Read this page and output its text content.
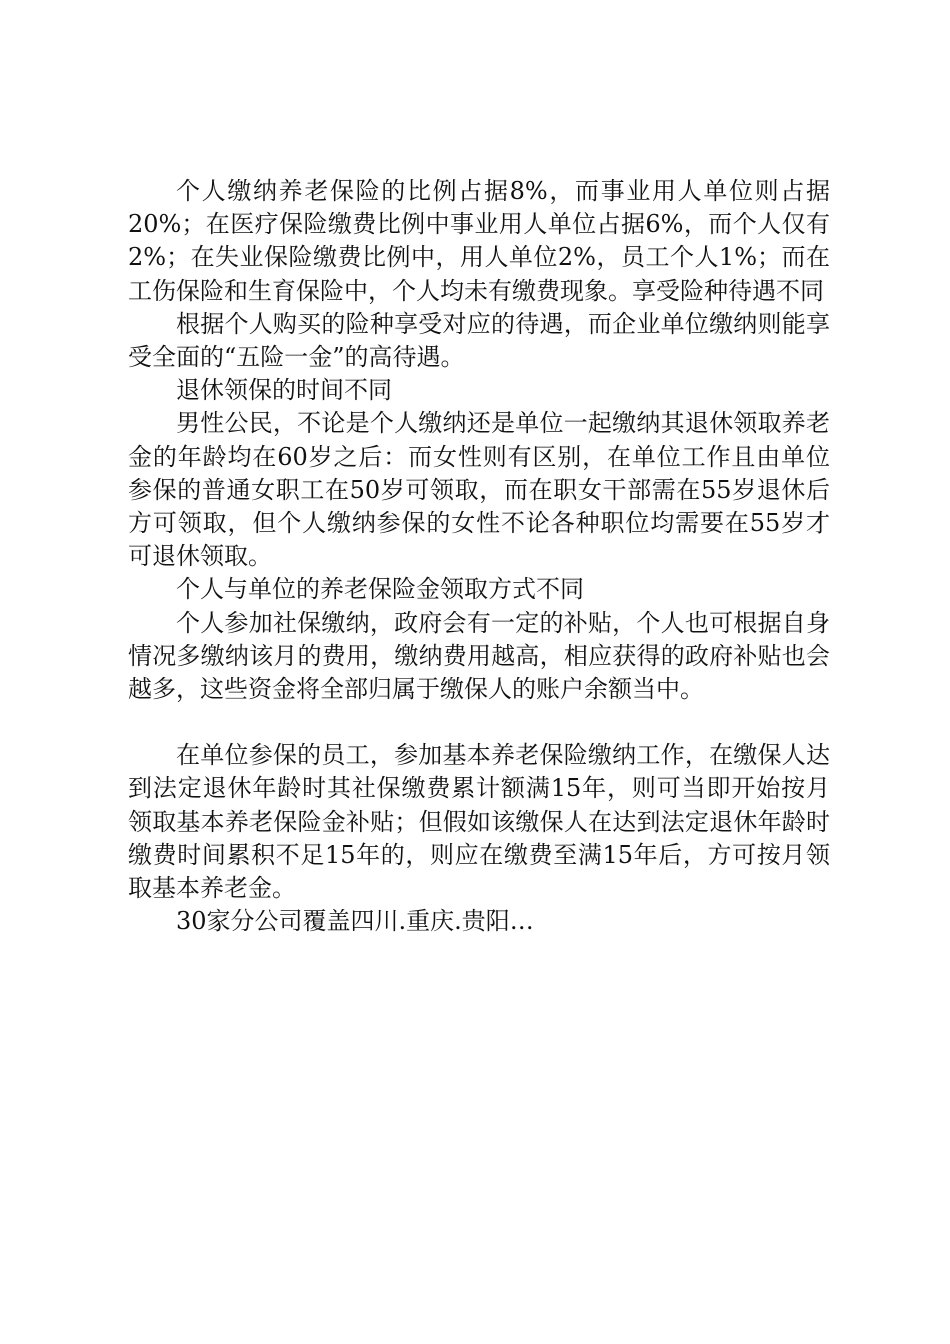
个人缴纳养老保险的比例占据8%，而事业用人单位则占据20%；在医疗保险缴费比例中事业用人单位占据6%，而个人仅有2%；在失业保险缴费比例中，用人单位2%，员工个人1%；而在工伤保险和生育保险中，个人均未有缴费现象。享受险种待遇不同

根据个人购买的险种享受对应的待遇，而企业单位缴纳则能享受全面的“五险一金”的高待遇。

退休领保的时间不同

男性公民，不论是个人缴纳还是单位一起缴纳其退休领取养老金的年龄均在60岁之后：而女性则有区别，在单位工作且由单位参保的普通女职工在50岁可领取，而在职女干部需在55岁退休后方可领取，但个人缴纳参保的女性不论各种职位均需要在55岁才可退休领取。

个人与单位的养老保险金领取方式不同

个人参加社保缴纳，政府会有一定的补贴，个人也可根据自身情况多缴纳该月的费用，缴纳费用越高，相应获得的政府补贴也会越多，这些资金将全部归属于缴保人的账户余额当中。

在单位参保的员工，参加基本养老保险缴纳工作，在缴保人达到法定退休年龄时其社保缴费累计额满15年，则可当即开始按月领取基本养老保险金补贴；但假如该缴保人在达到法定退休年龄时缴费时间累积不足15年的，则应在缴费至满15年后，方可按月领取基本养老金。

30家分公司覆盖四川.重庆.贵阳…
